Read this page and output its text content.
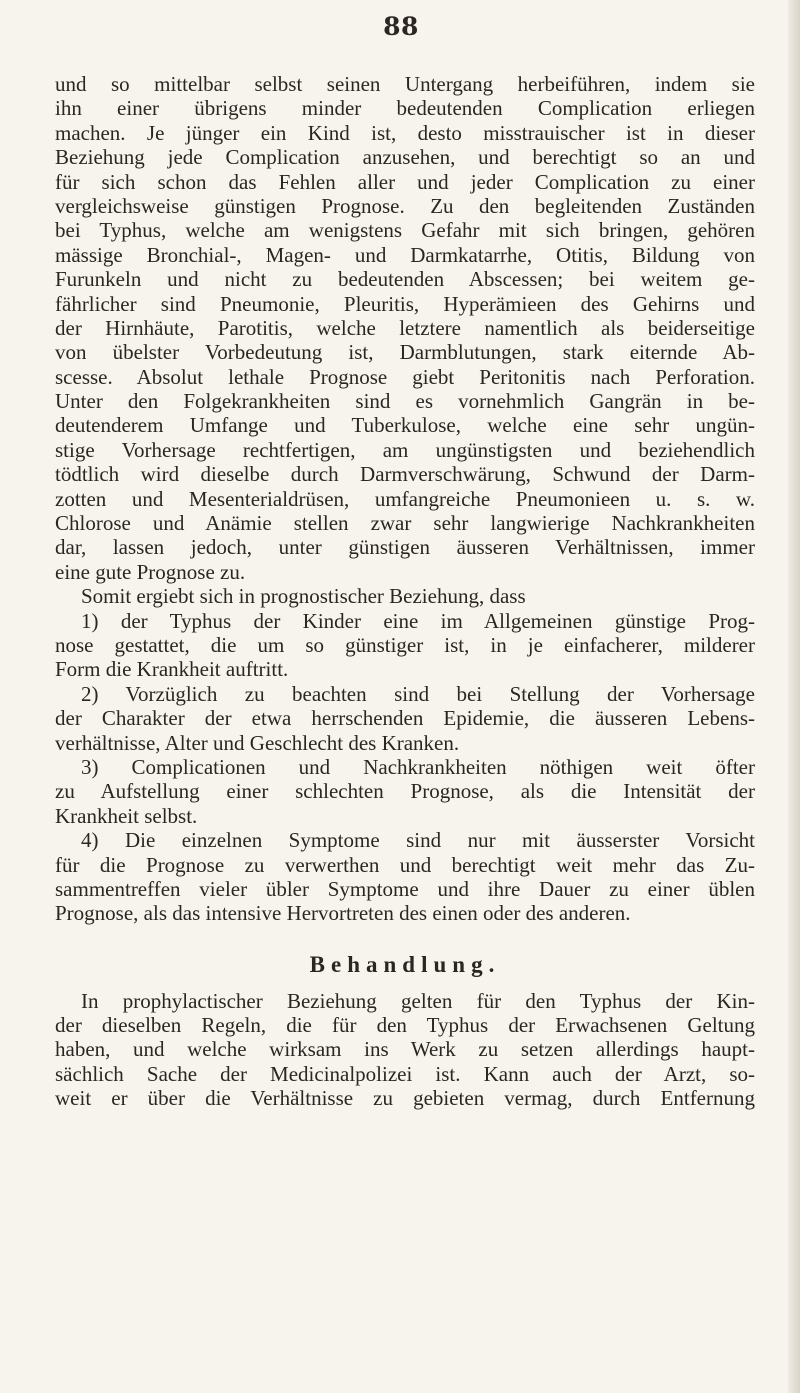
88
und so mittelbar selbst seinen Untergang herbeiführen, indem sie
ihn einer übrigens minder bedeutenden Complication erliegen
machen. Je jünger ein Kind ist, desto misstrauischer ist in dieser
Beziehung jede Complication anzusehen, und berechtigt so an und
für sich schon das Fehlen aller und jeder Complication zu einer
vergleichsweise günstigen Prognose. Zu den begleitenden Zuständen
bei Typhus, welche am wenigstens Gefahr mit sich bringen, gehören
mässige Bronchial-, Magen- und Darmkatarrhe, Otitis, Bildung von
Furunkeln und nicht zu bedeutenden Abscessen; bei weitem ge-
fährlicher sind Pneumonie, Pleuritis, Hyperämieen des Gehirns und
der Hirnhäute, Parotitis, welche letztere namentlich als beiderseitige
von übelster Vorbedeutung ist, Darmblutungen, stark eiternde Ab-
scesse. Absolut lethale Prognose giebt Peritonitis nach Perforation.
Unter den Folgekrankheiten sind es vornehmlich Gangrän in be-
deutenderem Umfange und Tuberkulose, welche eine sehr ungün-
stige Vorhersage rechtfertigen, am ungünstigsten und beziehendlich
tödtlich wird dieselbe durch Darmverschwärung, Schwund der Darm-
zotten und Mesenterialdrüsen, umfangreiche Pneumonieen u. s. w.
Chlorose und Anämie stellen zwar sehr langwierige Nachkrankheiten
dar, lassen jedoch, unter günstigen äusseren Verhältnissen, immer
eine gute Prognose zu.
Somit ergiebt sich in prognostischer Beziehung, dass
1) der Typhus der Kinder eine im Allgemeinen günstige Prog-
nose gestattet, die um so günstiger ist, in je einfacherer, milderer
Form die Krankheit auftritt.
2) Vorzüglich zu beachten sind bei Stellung der Vorhersage
der Charakter der etwa herrschenden Epidemie, die äusseren Lebens-
verhältnisse, Alter und Geschlecht des Kranken.
3) Complicationen und Nachkrankheiten nöthigen weit öfter
zu Aufstellung einer schlechten Prognose, als die Intensität der
Krankheit selbst.
4) Die einzelnen Symptome sind nur mit äusserster Vorsicht
für die Prognose zu verwerthen und berechtigt weit mehr das Zu-
sammentreffen vieler übler Symptome und ihre Dauer zu einer üblen
Prognose, als das intensive Hervortreten des einen oder des anderen.
Behandlung.
In prophylactischer Beziehung gelten für den Typhus der Kin-
der dieselben Regeln, die für den Typhus der Erwachsenen Geltung
haben, und welche wirksam ins Werk zu setzen allerdings haupt-
sächlich Sache der Medicinalpolizei ist. Kann auch der Arzt, so-
weit er über die Verhältnisse zu gebieten vermag, durch Entfernung
